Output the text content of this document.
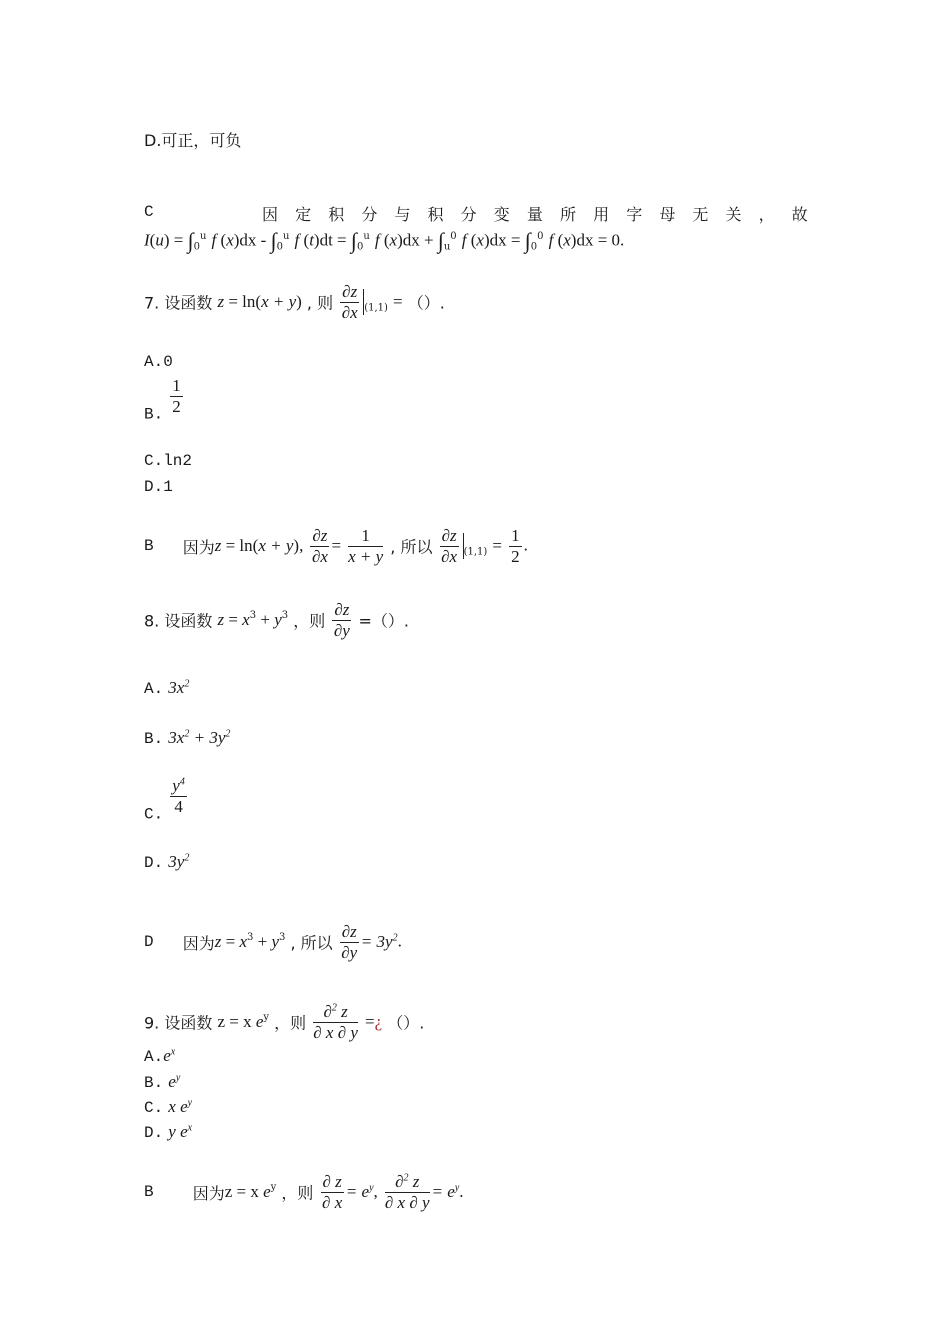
D.可正，可负
C	因 定 积 分 与 积 分 变 量 所 用 字 母 无 关 ， 故
$I(u) = \int_0^u$ f $(x)dx - \int_0^u$ f $(t)dt = \int_0^u$ f $(x)dx + \int_u^0$ f $(x)dx = \int_0^0$ f (x)dx = 0.
7. 设函数 z = ln(x + y) , 则 $\frac{\partial z}{\partial x} _{(1,1)}$ = （）.
A.0
B. $\frac{1}{2}$
C.ln2
D.1
B 因为z = ln(x + y), $\frac{\partial z}{\partial x} = \frac{1}{x + y}$ , 所以 $\frac{\partial z}{\partial x} _{(1,1)} = \frac{1}{2}$ .
8. 设函数 $z = x^3 + y^3$ ，则 $\frac{\partial z}{\partial y}$ =（）.
A. $3x^2$
B. $3x^2 + 3y^2$
C. $\frac{y^4}{4}$
D. $3y^2$
D 因为$z = x^3 + y^3$ , 所以 $\frac{\partial z}{\partial y} = 3y^2$.
9. 设函数 z = x $e^y$ ，则 $\frac{\partial^2 z}{\partial x \partial y}$ =¿ （）.
$A.e^x$
B. $e^y$
C. x $e^y$
D. y $e^x$
B 因为z = x $e^y$ ，则 $\frac{\partial z}{\partial x} = e^y$, $\frac{\partial^2 z}{\partial x \partial y} = e^y$.
